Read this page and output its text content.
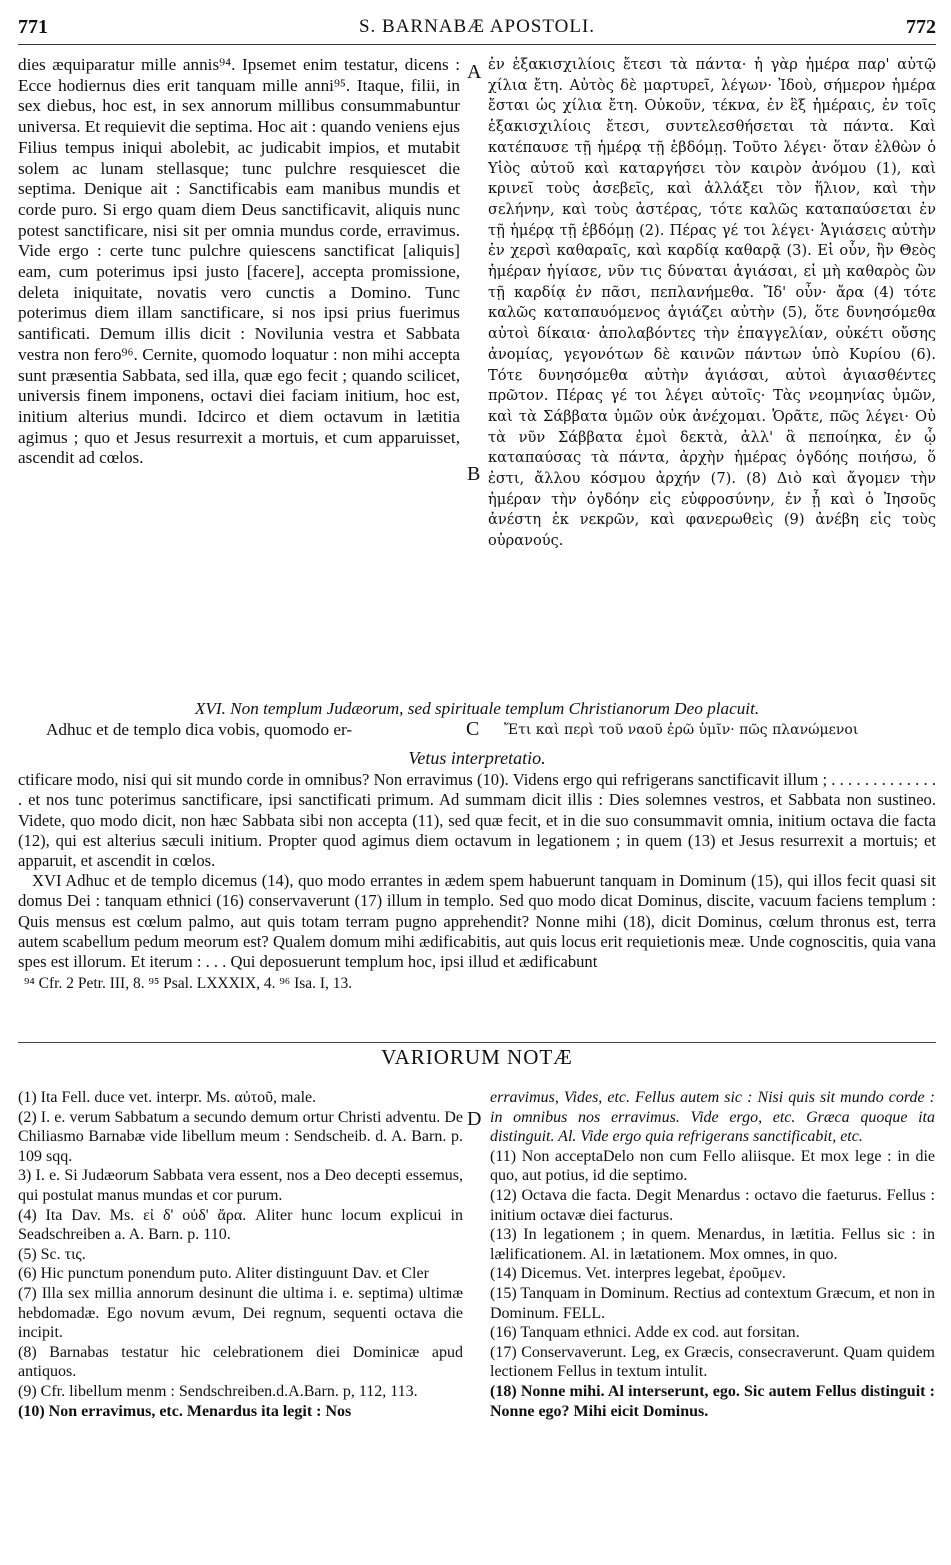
771	S. BARNABÆ APOSTOLI.	772

dies æquiparatur mille annis⁹⁴. Ipsemet enim testatur, dicens : Ecce hodiernus dies erit tanquam mille anni⁹⁵. Itaque, filii, in sex diebus, hoc est, in sex annorum millibus consummabuntur universa. Et requievit die septima. Hoc ait : quando veniens ejus Filius tempus iniqui abolebit, ac judicabit impios, et mutabit solem ac lunam stellasque; tunc pulchre resquiescet die septima. Denique ait : Sanctificabis eam manibus mundis et corde puro. Si ergo quam diem Deus sanctificavit, aliquis nunc potest sanctificare, nisi sit per omnia mundus corde, erravimus. Vide ergo : certe tunc pulchre quiescens sanctificat [aliquis] eam, cum poterimus ipsi justo [facere], accepta promissione, deleta iniquitate, novatis vero cunctis a Domino. Tunc poterimus diem illam sanctificare, si nos ipsi prius fuerimus santificati. Demum illis dicit : Novilunia vestra et Sabbata vestra non fero⁹⁶. Cernite, quomodo loquatur : non mihi accepta sunt præsentia Sabbata, sed illa, quæ ego fecit ; quando scilicet, universis finem imponens, octavi diei faciam initium, hoc est, initium alterius mundi. Idcirco et diem octavum in lætitia agimus ; quo et Jesus resurrexit a mortuis, et cum apparuisset, ascendit ad cœlos.

A
B

ἐν ἑξακισχιλίοις ἔτεσι τὰ πάντα· ἡ γὰρ ἡμέρα παρ' αὐτῷ χίλια ἔτη. Αὐτὸς δὲ μαρτυρεῖ, λέγων· Ἰδοὺ, σήμερον ἡμέρα ἔσται ὡς χίλια ἔτη. Οὐκοῦν, τέκνα, ἐν ἓξ ἡμέραις, ἐν τοῖς ἑξακισχιλίοις ἔτεσι, συντελεσθήσεται τὰ πάντα. Καὶ κατέπαυσε τῇ ἡμέρᾳ τῇ ἑβδόμῃ. Τοῦτο λέγει· ὅταν ἐλθὼν ὁ Υἱὸς αὐτοῦ καὶ καταργήσει τὸν καιρὸν ἀνόμου (1), καὶ κρινεῖ τοὺς ἀσεβεῖς, καὶ ἀλλάξει τὸν ἥλιον, καὶ τὴν σελήνην, καὶ τοὺς ἀστέρας, τότε καλῶς καταπαύσεται ἐν τῇ ἡμέρᾳ τῇ ἑβδόμῃ (2). Πέρας γέ τοι λέγει· Ἁγιάσεις αὐτὴν ἐν χερσὶ καθαραῖς, καὶ καρδίᾳ καθαρᾷ (3). Εἰ οὖν, ἣν Θεὸς ἡμέραν ἡγίασε, νῦν τις δύναται ἁγιάσαι, εἰ μὴ καθαρὸς ὢν τῇ καρδίᾳ ἐν πᾶσι, πεπλανήμεθα. Ἴδ' οὖν· ἄρα (4) τότε καλῶς καταπαυόμενος ἁγιάζει αὐτὴν (5), ὅτε δυνησόμεθα αὐτοὶ δίκαια· ἀπολαβόντες τὴν ἐπαγγελίαν, οὐκέτι οὔσης ἀνομίας, γεγονότων δὲ καινῶν πάντων ὑπὸ Κυρίου (6). Τότε δυνησόμεθα αὐτὴν ἁγιάσαι, αὐτοὶ ἁγιασθέντες πρῶτον. Πέρας γέ τοι λέγει αὐτοῖς· Τὰς νεομηνίας ὑμῶν, καὶ τὰ Σάββατα ὑμῶν οὐκ ἀνέχομαι. Ὁρᾶτε, πῶς λέγει· Οὐ τὰ νῦν Σάββατα ἐμοὶ δεκτὰ, ἀλλ' ἃ πεποίηκα, ἐν ᾧ καταπαύσας τὰ πάντα, ἀρχὴν ἡμέρας ὀγδόης ποιήσω, ὅ ἐστι, ἄλλου κόσμου ἀρχήν (7). (8) Διὸ καὶ ἄγομεν τὴν ἡμέραν τὴν ὀγδόην εἰς εὐφροσύνην, ἐν ᾗ καὶ ὁ Ἰησοῦς ἀνέστη ἐκ νεκρῶν, καὶ φανερωθεὶς (9) ἀνέβη εἰς τοὺς οὐρανούς.

XVI. Non templum Judæorum, sed spirituale templum Christianorum Deo placuit.
Adhuc et de templo dica vobis, quomodo er-	C Ἔτι καὶ περὶ τοῦ ναοῦ ἐρῶ ὑμῖν· πῶς πλανώμενοι
Vetus interpretatio.

ctificare modo, nisi qui sit mundo corde in omnibus? Non erravimus (10). Videns ergo qui refrigerans sanctificavit illum ; . . . . . . . . . . . . . . et nos tunc poterimus sanctificare, ipsi sanctificati primum. Ad summam dicit illis : Dies solemnes vestros, et Sabbata non sustineo. Videte, quo modo dicit, non hæc Sabbata sibi non accepta (11), sed quæ fecit, et in die suo consummavit omnia, initium octava die facta (12), qui est alterius sæculi initium. Propter quod agimus diem octavum in legationem ; in quem (13) et Jesus resurrexit a mortuis; et apparuit, et ascendit in cœlos.

XVI Adhuc et de templo dicemus (14), quo modo errantes in ædem spem habuerunt tanquam in Dominum (15), qui illos fecit quasi sit domus Dei : tanquam ethnici (16) conservaverunt (17) illum in templo. Sed quo modo dicat Dominus, discite, vacuum faciens templum : Quis mensus est cœlum palmo, aut quis totam terram pugno apprehendit? Nonne mihi (18), dicit Dominus, cœlum thronus est, terra autem scabellum pedum meorum est? Qualem domum mihi ædificabitis, aut quis locus erit requietionis meæ. Unde cognoscitis, quia vana spes est illorum. Et iterum : . . . Qui deposuerunt templum hoc, ipsi illud et ædificabunt

⁹⁴ Cfr. 2 Petr. III, 8. ⁹⁵ Psal. LXXXIX, 4. ⁹⁶ Isa. I, 13.

VARIORUM NOTÆ

(1) Ita Fell. duce vet. interpr. Ms. αὐτοῦ, male.

(2) I. e. verum Sabbatum a secundo demum ortur Christi adventu. De Chiliasmo Barnabæ vide libellum meum : Sendscheib. d. A. Barn. p. 109 sqq.

3) I. e. Si Judæorum Sabbata vera essent, nos a Deo decepti essemus, qui postulat manus mundas et cor purum.

(4) Ita Dav. Ms. εἰ δ' οὐδ' ἄρα. Aliter hunc locum explicui in Seadschreiben a. A. Barn. p. 110.

(5) Sc. τις.

(6) Hic punctum ponendum puto. Aliter distinguunt Dav. et Cler

(7) Illa sex millia annorum desinunt die ultima i. e. septima) ultimæ hebdomadæ. Ego novum ævum, Dei regnum, sequenti octava die incipit.

(8) Barnabas testatur hic celebrationem diei Dominicæ apud antiquos.

(9) Cfr. libellum menm : Sendschreiben.d.A.Barn. p, 112, 113.

(10) Non erravimus, etc. Menardus ita legit : Nos

D

erravimus, Vides, etc. Fellus autem sic : Nisi quis sit mundo corde : in omnibus nos erravimus. Vide ergo, etc. Græca quoque ita distinguit. Al. Vide ergo quia refrigerans sanctificabit, etc.

(11) Non acceptaDelo non cum Fello aliisque. Et mox lege : in die quo, aut potius, id die septimo.

(12) Octava die facta. Degit Menardus : octavo die faeturus. Fellus : initium octavæ diei facturus.

(13) In legationem ; in quem. Menardus, in lætitia. Fellus sic : in lælificationem. Al. in lætationem. Mox omnes, in quo.

(14) Dicemus. Vet. interpres legebat, ἐροῦμεν.

(15) Tanquam in Dominum. Rectius ad contextum Græcum, et non in Dominum. FELL.

(16) Tanquam ethnici. Adde ex cod. aut forsitan.

(17) Conservaverunt. Leg, ex Græcis, consecraverunt. Quam quidem lectionem Fellus in textum intulit.

(18) Nonne mihi. Al interserunt, ego. Sic autem Fellus distinguit : Nonne ego? Mihi eicit Dominus.
